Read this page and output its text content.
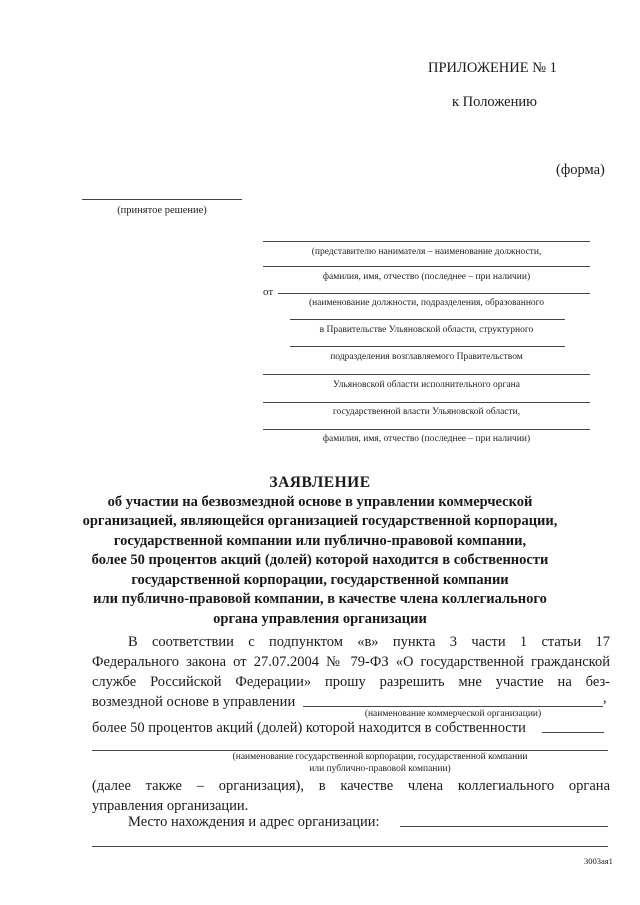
ПРИЛОЖЕНИЕ № 1
к Положению
(форма)
(принятое решение)
(представителю нанимателя – наименование должности,
фамилия, имя, отчество (последнее – при наличии)
от
(наименование должности, подразделения, образованного
в Правительстве Ульяновской области, структурного
подразделения возглавляемого Правительством
Ульяновской области исполнительного органа
государственной власти Ульяновской области,
фамилия, имя, отчество (последнее – при наличии)
ЗАЯВЛЕНИЕ
об участии на безвозмездной основе в управлении коммерческой
организацией, являющейся организацией государственной корпорации,
государственной компании или публично-правовой компании,
более 50 процентов акций (долей) которой находится в собственности
государственной корпорации, государственной компании
или публично-правовой компании, в качестве члена коллегиального
органа управления организации
В соответствии с подпунктом «в» пункта 3 части 1 статьи 17
Федерального закона от 27.07.2004 № 79-ФЗ «О государственной гражданской
службе Российской Федерации» прошу разрешить мне участие на без-
возмездной основе в управлении	,
(наименование коммерческой организации)
более 50 процентов акций (долей) которой находится в собственности
(наименование государственной корпорации, государственной компании
или публично-правовой компании)
(далее также – организация), в качестве члена коллегиального органа
управления организации.
Место нахождения и адрес организации:
3003ая1
